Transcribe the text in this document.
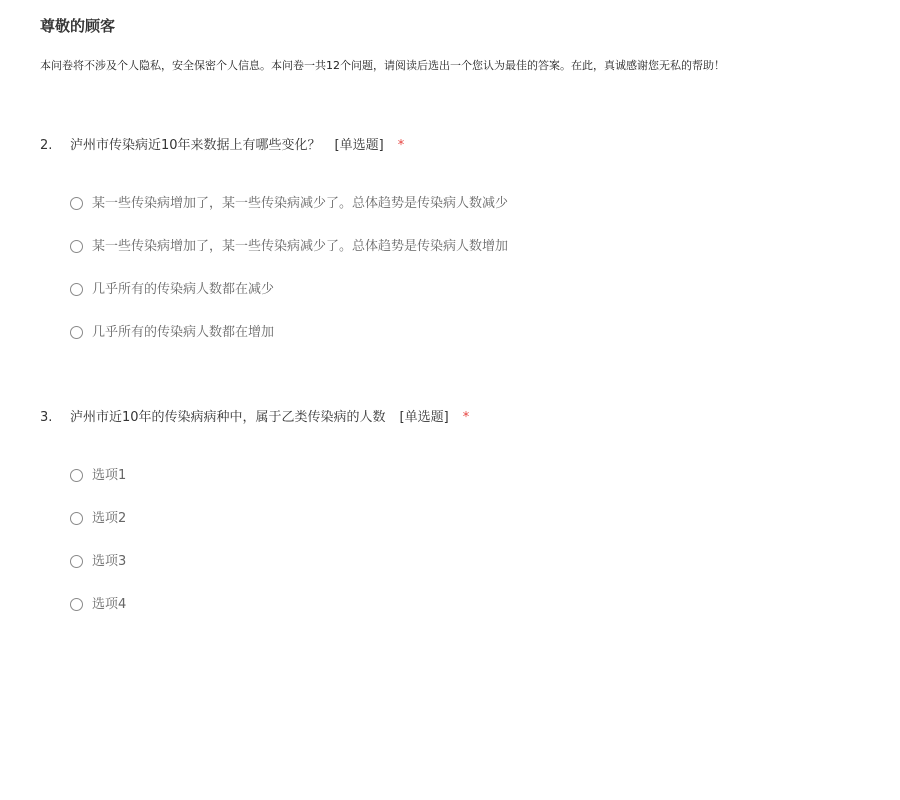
尊敬的顾客

本问卷将不涉及个人隐私，安全保密个人信息。本问卷一共12个问题，请阅读后选出一个您认为最佳的答案。在此，真诚感谢您无私的帮助！

2. 泸州市传染病近10年来数据上有哪些变化？ [单选题] *
某一些传染病增加了，某一些传染病减少了。总体趋势是传染病人数减少
某一些传染病增加了，某一些传染病减少了。总体趋势是传染病人数增加
几乎所有的传染病人数都在减少
几乎所有的传染病人数都在增加
3. 泸州市近10年的传染病病种中，属于乙类传染病的人数 [单选题] *
选项1
选项2
选项3
选项4
